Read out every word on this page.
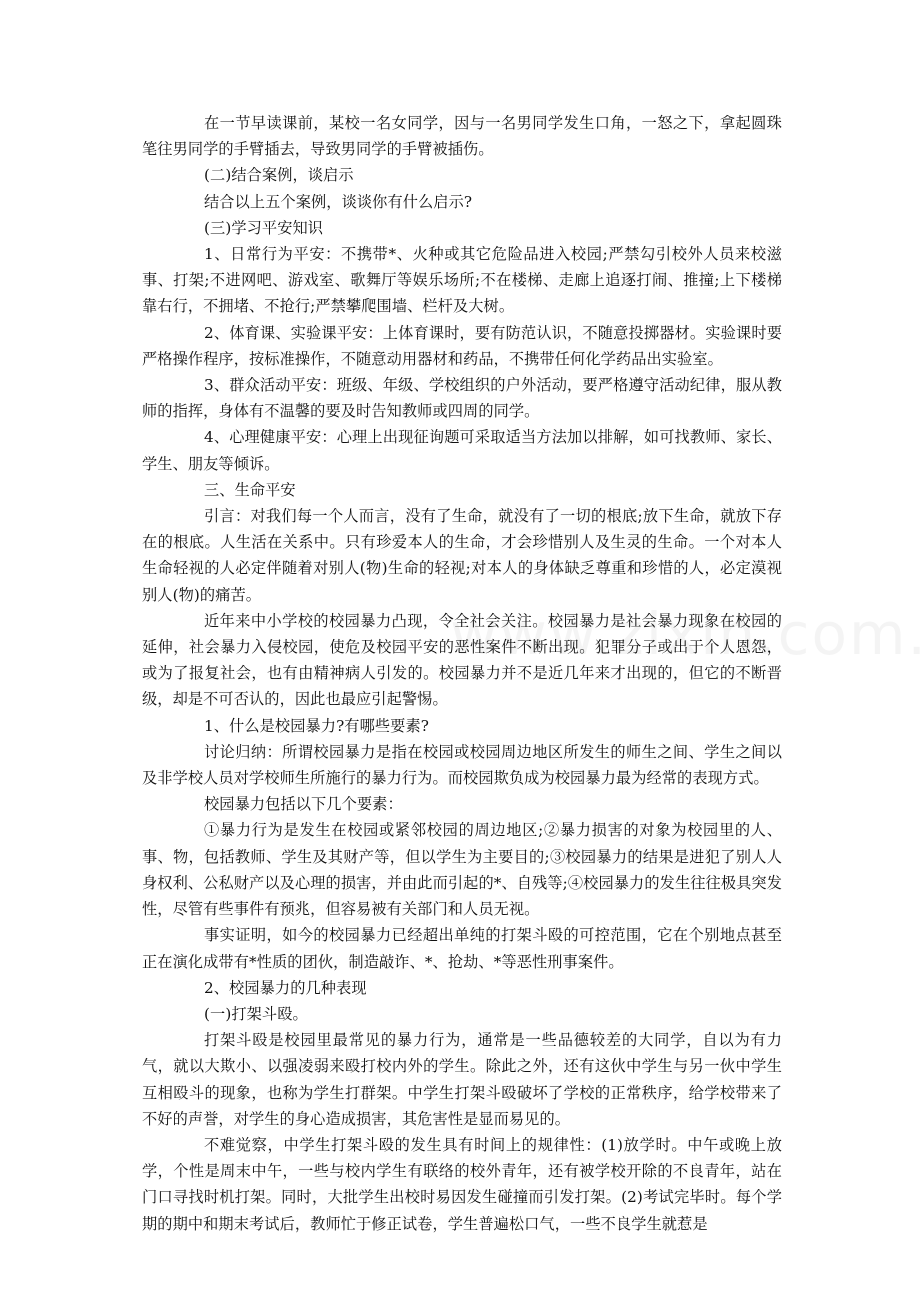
在一节早读课前，某校一名女同学，因与一名男同学发生口角，一怒之下，拿起圆珠笔往男同学的手臂插去，导致男同学的手臂被插伤。

(二)结合案例，谈启示

结合以上五个案例，谈谈你有什么启示?

(三)学习平安知识

1、日常行为平安：不携带*、火种或其它危险品进入校园;严禁勾引校外人员来校滋事、打架;不进网吧、游戏室、歌舞厅等娱乐场所;不在楼梯、走廊上追逐打闹、推撞;上下楼梯靠右行，不拥堵、不抢行;严禁攀爬围墙、栏杆及大树。

2、体育课、实验课平安：上体育课时，要有防范认识，不随意投掷器材。实验课时要严格操作程序，按标准操作，不随意动用器材和药品，不携带任何化学药品出实验室。

3、群众活动平安：班级、年级、学校组织的户外活动，要严格遵守活动纪律，服从教师的指挥，身体有不温馨的要及时告知教师或四周的同学。

4、心理健康平安：心理上出现征询题可采取适当方法加以排解，如可找教师、家长、学生、朋友等倾诉。

三、生命平安

引言：对我们每一个人而言，没有了生命，就没有了一切的根底;放下生命，就放下存在的根底。人生活在关系中。只有珍爱本人的生命，才会珍惜别人及生灵的生命。一个对本人生命轻视的人必定伴随着对别人(物)生命的轻视;对本人的身体缺乏尊重和珍惜的人，必定漠视别人(物)的痛苦。

近年来中小学校的校园暴力凸现，令全社会关注。校园暴力是社会暴力现象在校园的延伸，社会暴力入侵校园，使危及校园平安的恶性案件不断出现。犯罪分子或出于个人恩怨，或为了报复社会，也有由精神病人引发的。校园暴力并不是近几年来才出现的，但它的不断晋级，却是不可否认的，因此也最应引起警惕。

1、什么是校园暴力?有哪些要素?

讨论归纳：所谓校园暴力是指在校园或校园周边地区所发生的师生之间、学生之间以及非学校人员对学校师生所施行的暴力行为。而校园欺负成为校园暴力最为经常的表现方式。

校园暴力包括以下几个要素：

①暴力行为是发生在校园或紧邻校园的周边地区;②暴力损害的对象为校园里的人、事、物，包括教师、学生及其财产等，但以学生为主要目的;③校园暴力的结果是进犯了别人人身权利、公私财产以及心理的损害，并由此而引起的*、自残等;④校园暴力的发生往往极具突发性，尽管有些事件有预兆，但容易被有关部门和人员无视。

事实证明，如今的校园暴力已经超出单纯的打架斗殴的可控范围，它在个别地点甚至正在演化成带有*性质的团伙，制造敲诈、*、抢劫、*等恶性刑事案件。

2、校园暴力的几种表现

(一)打架斗殴。

打架斗殴是校园里最常见的暴力行为，通常是一些品德较差的大同学，自以为有力气，就以大欺小、以强凌弱来殴打校内外的学生。除此之外，还有这伙中学生与另一伙中学生互相殴斗的现象，也称为学生打群架。中学生打架斗殴破坏了学校的正常秩序，给学校带来了不好的声誉，对学生的身心造成损害，其危害性是显而易见的。

不难觉察，中学生打架斗殴的发生具有时间上的规律性：(1)放学时。中午或晚上放学，个性是周末中午，一些与校内学生有联络的校外青年，还有被学校开除的不良青年，站在门口寻找时机打架。同时，大批学生出校时易因发生碰撞而引发打架。(2)考试完毕时。每个学期的期中和期末考试后，教师忙于修正试卷，学生普遍松口气，一些不良学生就惹是
